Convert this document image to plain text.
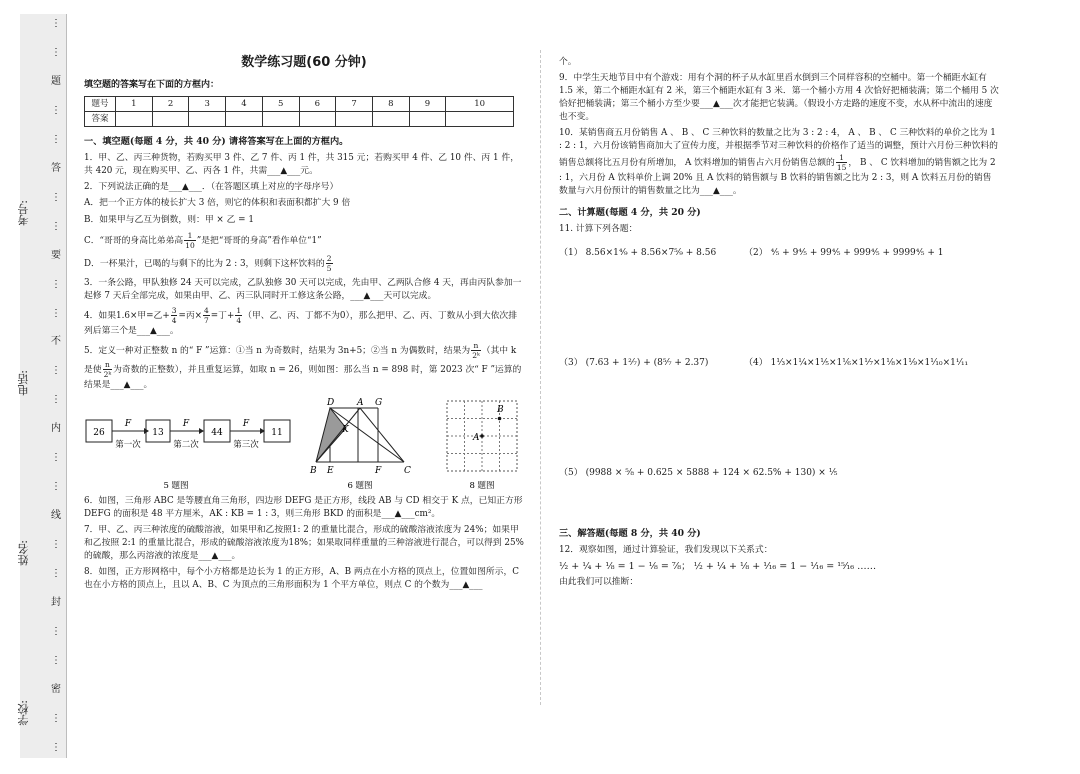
⋮
⋮
题
⋮
⋮
答
⋮
⋮
要
⋮
⋮
不
⋮
⋮
内
⋮
⋮
线
⋮
⋮
封
⋮
⋮
密
⋮
⋮
考号:
电话:
姓名:
学校:
数学练习题(60 分钟)
填空题的答案写在下面的方框内：
题号	1	2	3	4	5	6	7	8	9	10
答案										
一、填空题(每题 4 分，共 40 分) 请将答案写在上面的方框内。
1．甲、乙、丙三种货物，若购买甲 3 件、乙 7 件、丙 1 件，共 315 元；若购买甲 4 件、乙 10 件、丙 1 件，共 420 元，现在购买甲、乙、丙各 1 件，共需___▲___元。
2．下列说法正确的是___▲___．（在答题区填上对应的字母序号）
A．把一个正方体的棱长扩大 3 倍，则它的体积和表面积都扩大 9 倍
B．如果甲与乙互为倒数，则：甲 × 乙 = 1
C．“哥哥的身高比弟弟高 $\frac{1}{10}$ ”是把“哥哥的身高”看作单位“1”
D．一杯果汁，已喝的与剩下的比为 2 : 3，则剩下这杯饮料的 $\frac{2}{5}$
3．一条公路，甲队独修 24 天可以完成，乙队独修 30 天可以完成，先由甲、乙两队合修 4 天，再由丙队参加一起修 7 天后全部完成，如果由甲、乙、丙三队同时开工修这条公路，___▲___天可以完成。
4．如果1.6×甲=乙+ $\frac{3}{4}$ =丙× $\frac{4}{7}$ =丁+ $\frac{1}{4}$ （甲、乙、丙、丁都不为0），那么把甲、乙、丙、丁数从小到大依次排列后第三个是___▲___。
5．定义一种对正整数 n 的“ F ”运算：①当 n 为奇数时，结果为 3n+5；②当 n 为偶数时，结果为 $\frac{n}{\text{2ᵏ}}$ （其中 k 是使 $\frac{n}{\text{2ᵏ}}$ 为奇数的正整数），并且重复运算，如取 n = 26，则如图：那么当 n = 898 时，第 2023 次“ F ”运算的
结果是___▲___。
26
F
第一次
13
F
第二次
44
F
第三次
11
5 题图
D	A G
K
B E	F	C
6 题图
A
B
8 题图
6．如图，三角形 ABC 是等腰直角三角形，四边形 DEFG 是正方形，线段 AB 与 CD 相交于 K 点，已知正方形 DEFG 的面积是 48 平方厘米，AK : KB = 1 : 3，则三角形 BKD 的面积是___▲___cm²。
7．甲、乙、丙三种浓度的硫酸溶液，如果甲和乙按照1: 2 的重量比混合，形成的硫酸溶液浓度为 24%；如果甲和乙按照 2:1 的重量比混合，形成的硫酸溶液浓度为18%；如果取同样重量的三种溶液进行混合，可以得到 25%的硫酸，那么丙溶液的浓度是___▲___。
8．如图，正方形网格中，每个小方格都是边长为 1 的正方形，A、B 两点在小方格的顶点上，位置如图所示，C 也在小方格的顶点上，且以 A、B、C 为顶点的三角形面积为 1 个平方单位，则点 C 的个数为___▲___
个。
9．中学生天地节目中有个游戏：用有个洞的杯子从水缸里舀水倒到三个同样容积的空桶中。第一个桶距水缸有 1.5 米，第二个桶距水缸有 2 米，第三个桶距水缸有 3 米．第一个桶小方用 4 次恰好把桶装满；第二个桶用 5 次恰好把桶装满；第三个桶小方至少要___▲___次才能把它装满。（假设小方走路的速度不变，水从杯中流出的速度也不变。
10．某销售商五月份销售 A 、 B 、 C 三种饮料的数量之比为 3 : 2 : 4， A 、 B 、 C 三种饮料的单价之比为 1 : 2 : 1，六月份该销售商加大了宣传力度，并根据季节对三种饮料的价格作了适当的调整，预计六月份三种饮料的销售总额将比五月份有所增加， A 饮料增加的销售占六月份销售总额的 $\frac{1}{15}$ ， B 、 C 饮料增加的销售额之比为 2 : 1，六月份 A 饮料单价上调 20% 且 A 饮料的销售额与 B 饮料的销售额之比为 2 : 3，则 A 饮料五月份的销售数量与六月份预计的销售数量之比为___▲___。
二、计算题(每题 4 分，共 20 分)
11. 计算下列各题：
（1） 8.56×1⁴⁄₉ + 8.56×7⁵⁄₉ + 8.56	（2） ⁴⁄₅ + 9⁴⁄₅ + 99⁴⁄₅ + 999⁴⁄₅ + 9999⁴⁄₅ + 1
（3） (7.63 + 1²⁄₇) + (8⁵⁄₇ + 2.37)	（4） 1⅓×1¼×1⅕×1⅙×1⅐×1⅛×1⅑×1⅒×1¹⁄₁₁
（5） (9988 × ⁵⁄₈ + 0.625 × 5888 + 124 × 62.5% + 130) × ⅕
三、解答题(每题 8 分，共 40 分)
12．观察如图，通过计算验证，我们发现以下关系式：
½ + ¼ + ⅛ = 1 − ⅛ = ⅞； ½ + ¼ + ⅛ + ¹⁄₁₆ = 1 − ¹⁄₁₆ = ¹⁵⁄₁₆ ……
由此我们可以推断：
